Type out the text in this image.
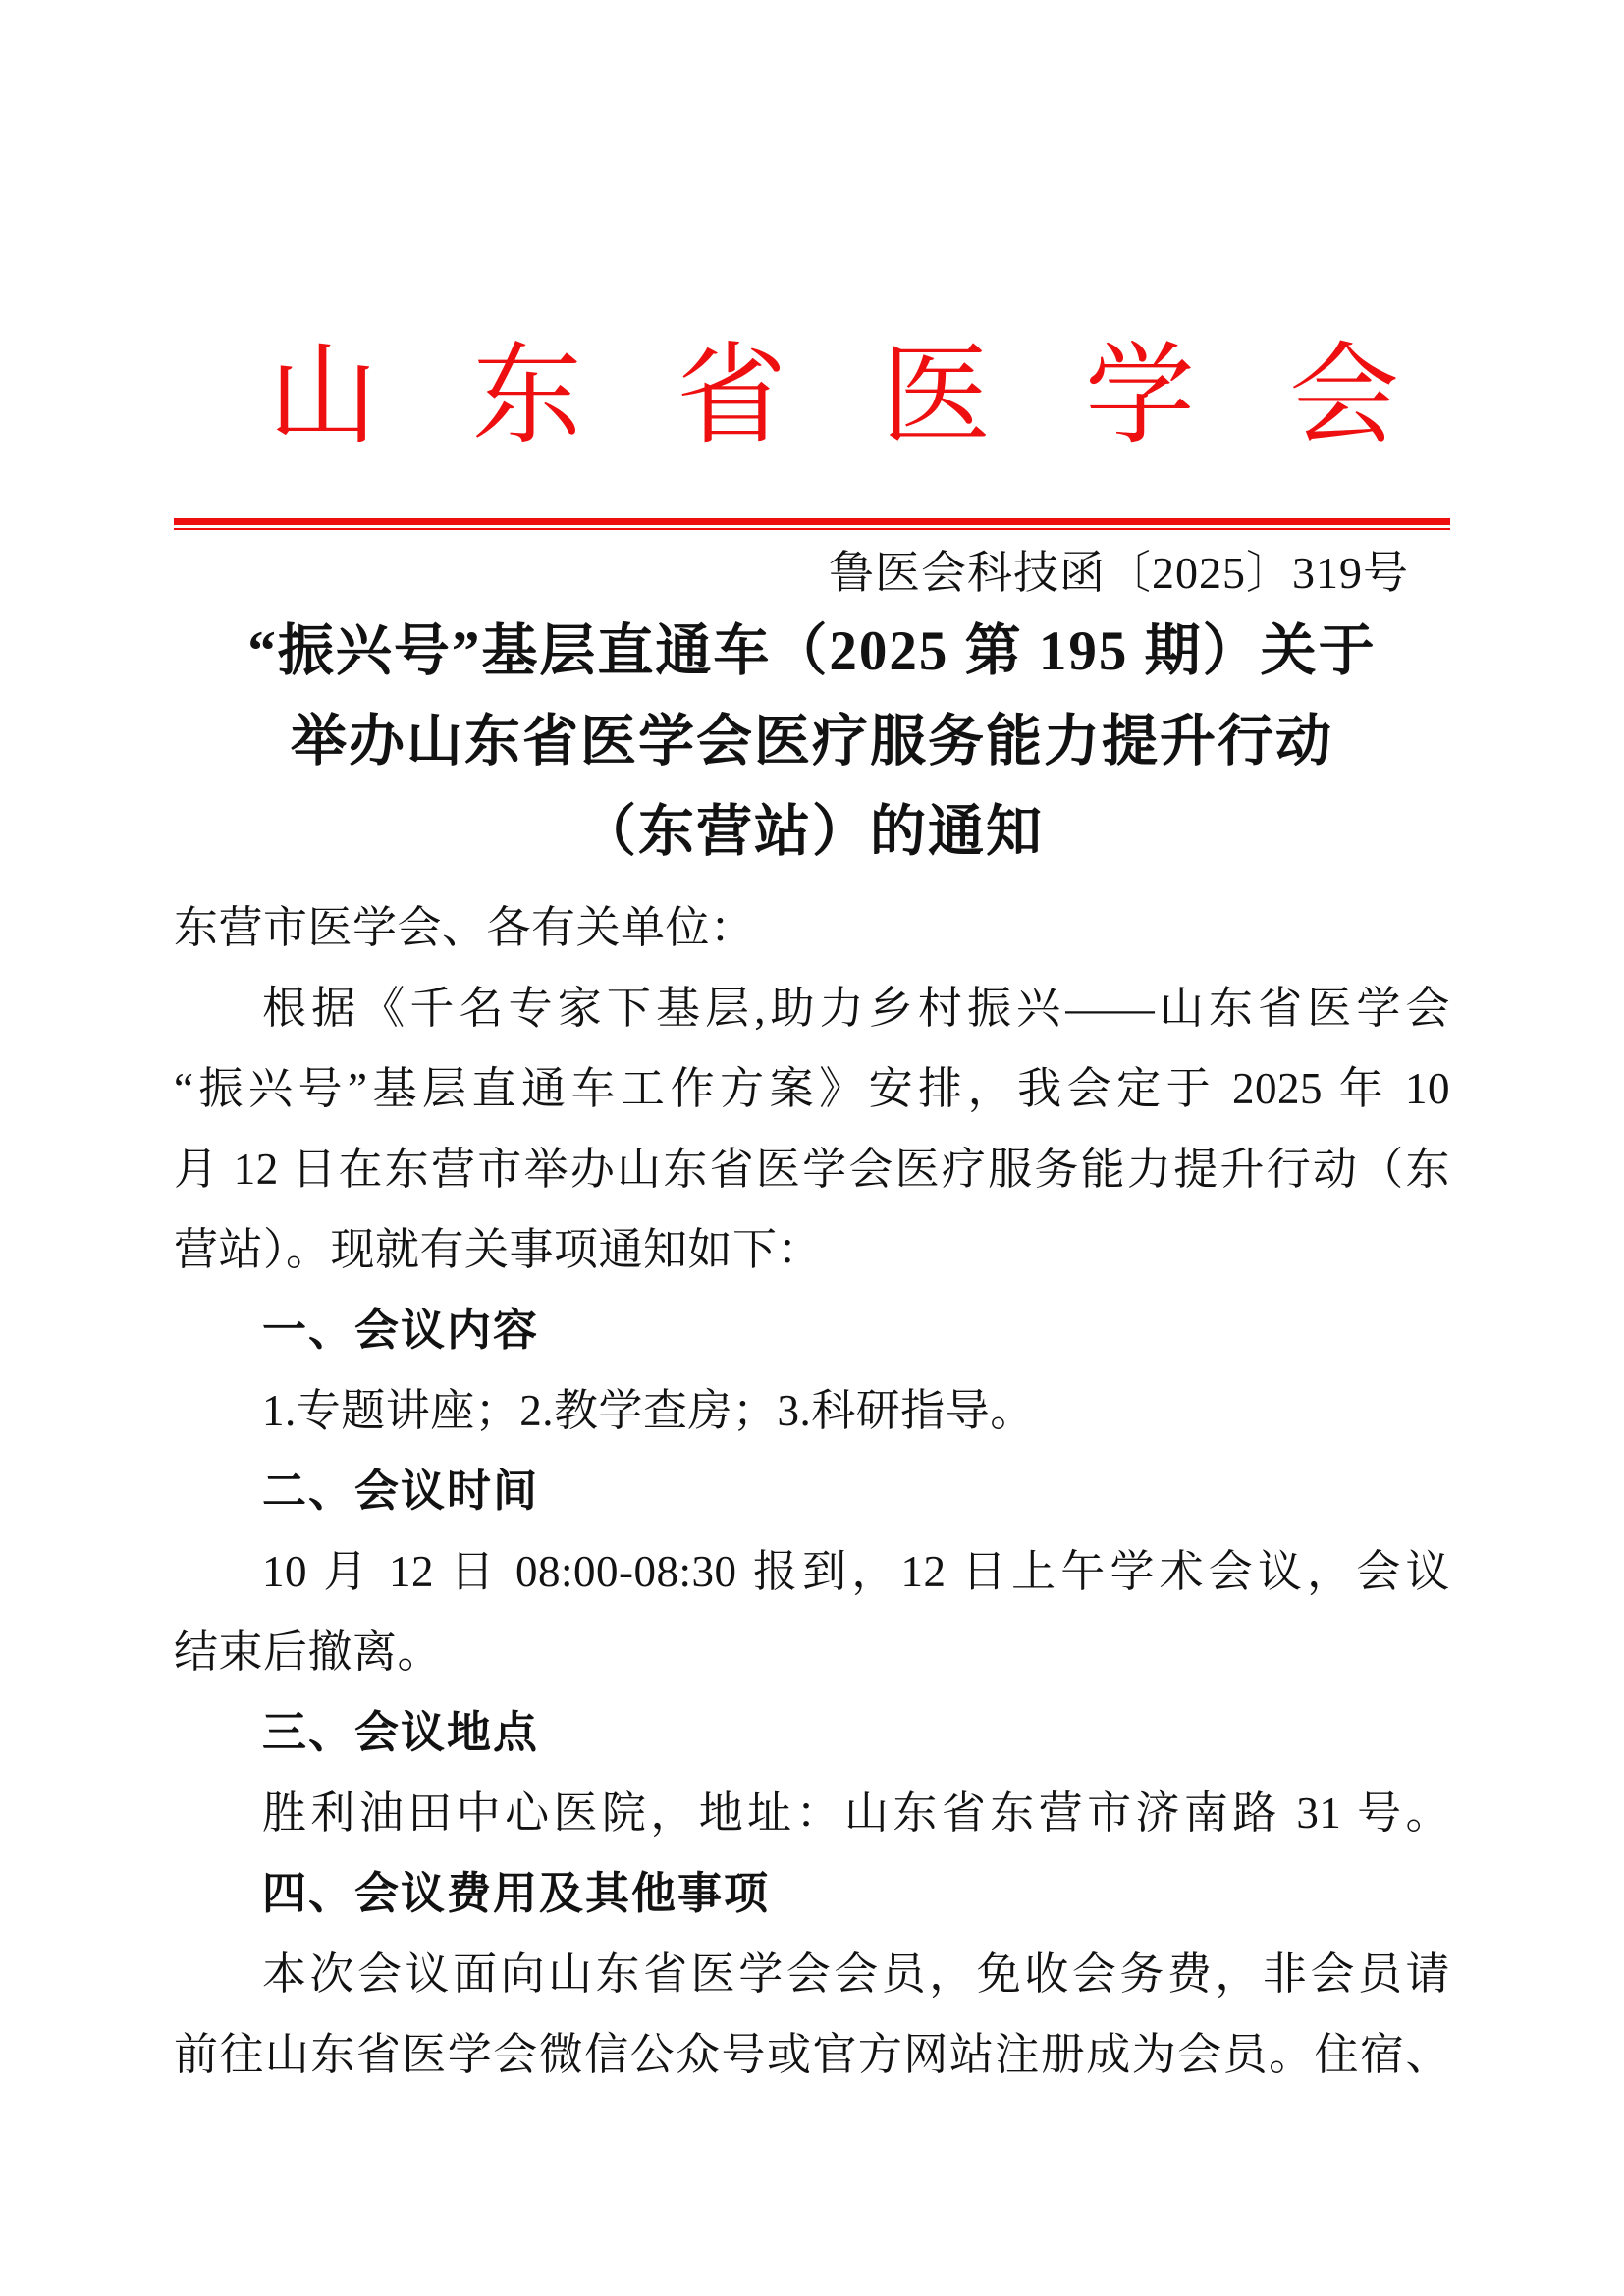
山东省医学会
鲁医会科技函〔2025〕319号
“振兴号”基层直通车（2025 第 195 期）关于
举办山东省医学会医疗服务能力提升行动
（东营站）的通知
东营市医学会、各有关单位：
根据《千名专家下基层,助力乡村振兴——山东省医学会
“振兴号”基层直通车工作方案》安排，我会定于 2025 年 10
月 12 日在东营市举办山东省医学会医疗服务能力提升行动（东
营站）。现就有关事项通知如下：
一、会议内容
1.专题讲座；2.教学查房；3.科研指导。
二、会议时间
10 月 12 日 08:00-08:30 报到，12 日上午学术会议，会议
结束后撤离。
三、会议地点
胜利油田中心医院，地址：山东省东营市济南路 31 号。
四、会议费用及其他事项
本次会议面向山东省医学会会员，免收会务费，非会员请
前往山东省医学会微信公众号或官方网站注册成为会员。住宿、
